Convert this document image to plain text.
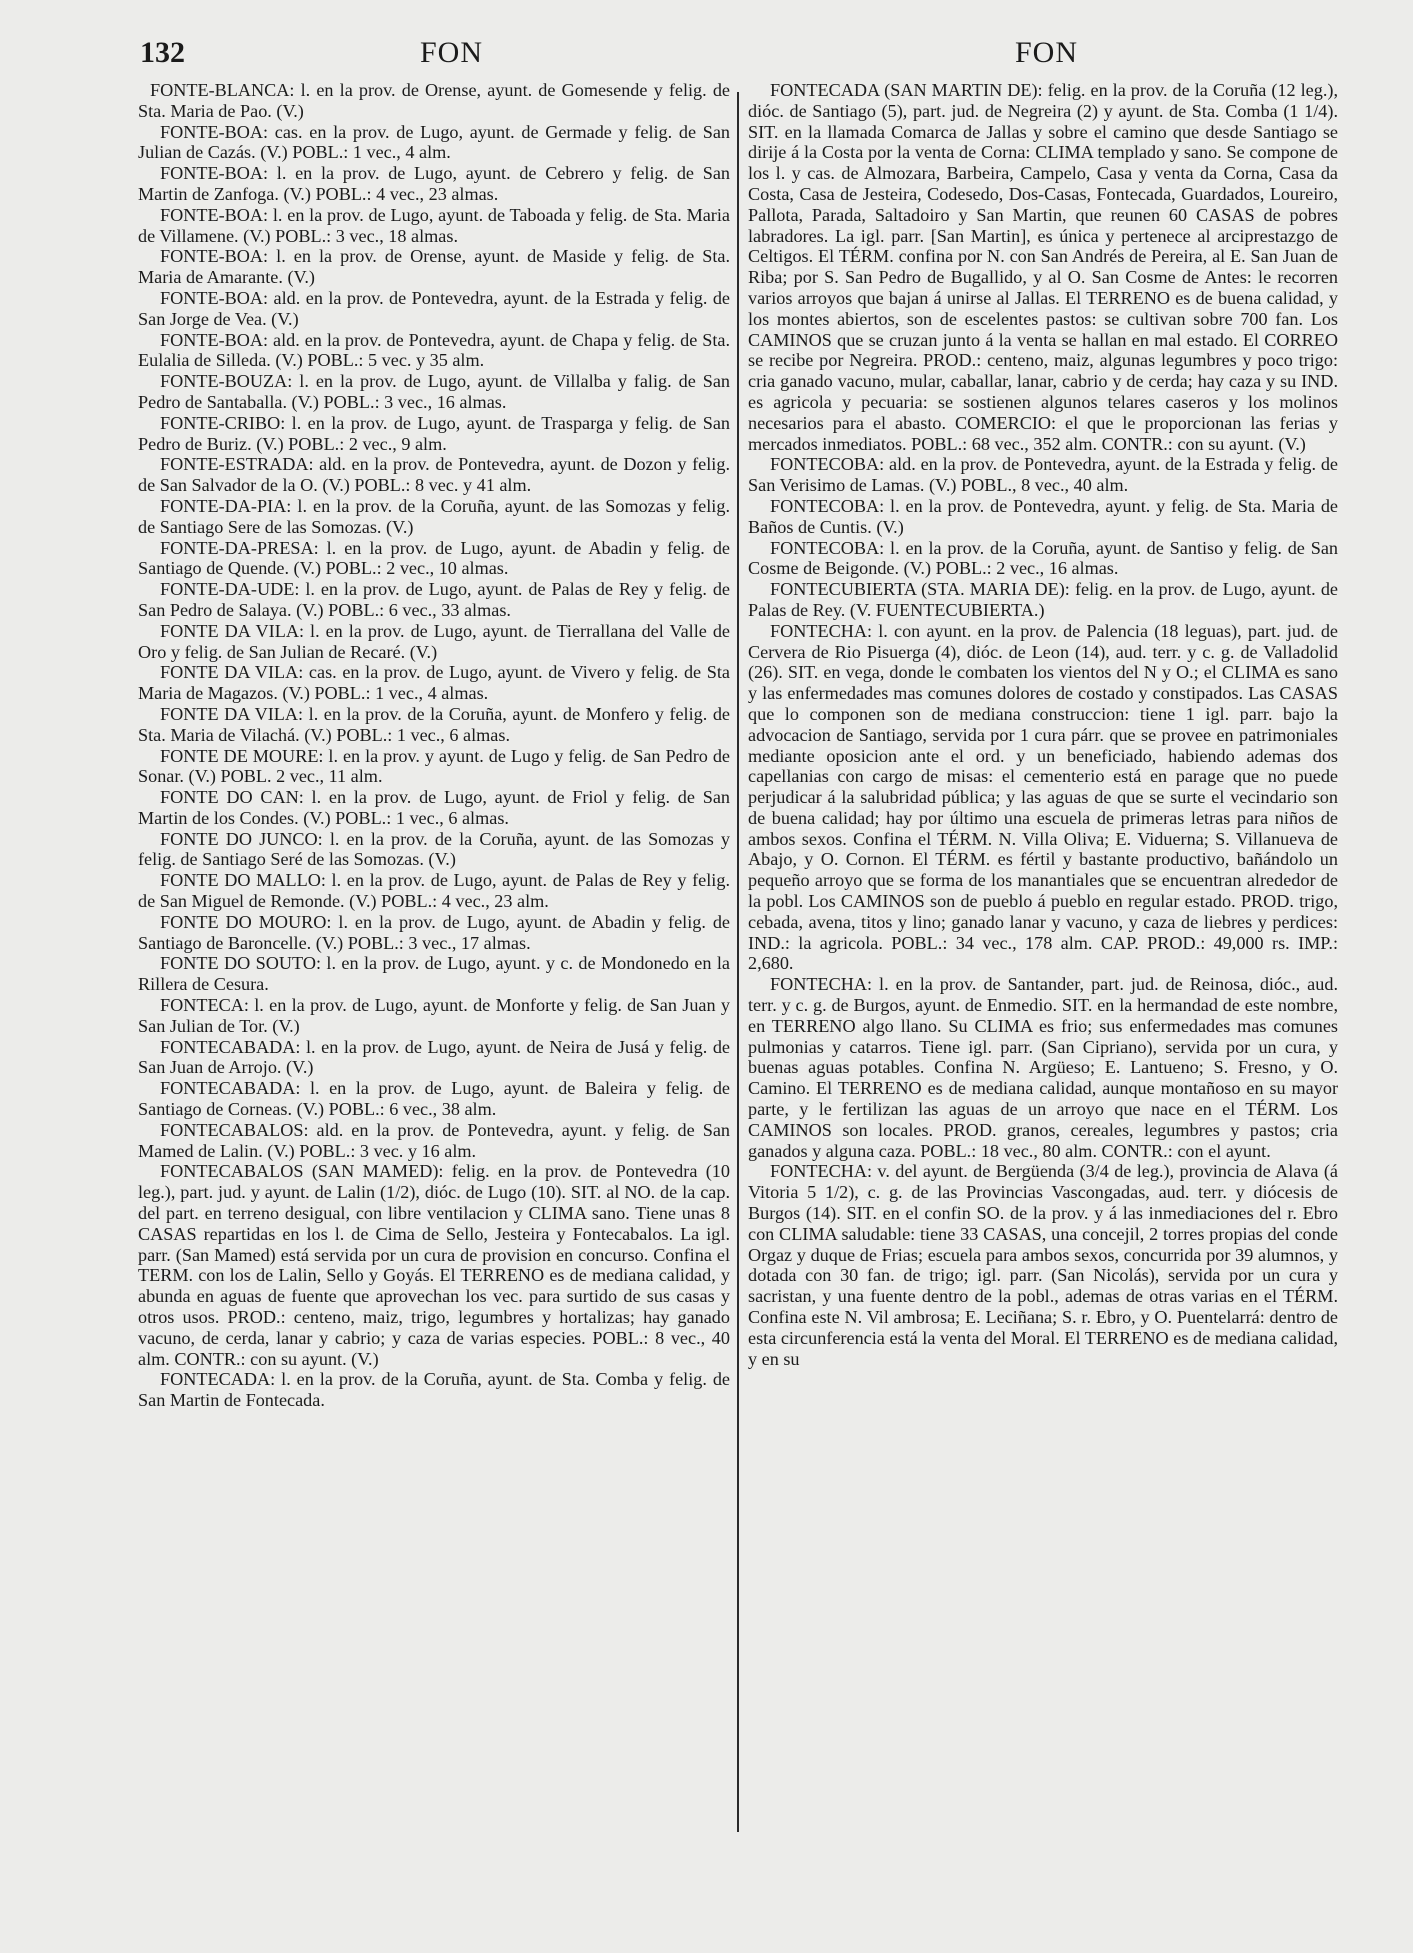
132	FON	FON

FONTE-BLANCA: l. en la prov. de Orense, ayunt. de Gomesende y felig. de Sta. Maria de Pao. (V.)

FONTE-BOA: cas. en la prov. de Lugo, ayunt. de Germade y felig. de San Julian de Cazás. (V.) POBL.: 1 vec., 4 alm.

FONTE-BOA: l. en la prov. de Lugo, ayunt. de Cebrero y felig. de San Martin de Zanfoga. (V.) POBL.: 4 vec., 23 almas.

FONTE-BOA: l. en la prov. de Lugo, ayunt. de Taboada y felig. de Sta. Maria de Villamene. (V.) POBL.: 3 vec., 18 almas.

FONTE-BOA: l. en la prov. de Orense, ayunt. de Maside y felig. de Sta. Maria de Amarante. (V.)

FONTE-BOA: ald. en la prov. de Pontevedra, ayunt. de la Estrada y felig. de San Jorge de Vea. (V.)

FONTE-BOA: ald. en la prov. de Pontevedra, ayunt. de Chapa y felig. de Sta. Eulalia de Silleda. (V.) POBL.: 5 vec. y 35 alm.

FONTE-BOUZA: l. en la prov. de Lugo, ayunt. de Villalba y falig. de San Pedro de Santaballa. (V.) POBL.: 3 vec., 16 almas.

FONTE-CRIBO: l. en la prov. de Lugo, ayunt. de Trasparga y felig. de San Pedro de Buriz. (V.) POBL.: 2 vec., 9 alm.

FONTE-ESTRADA: ald. en la prov. de Pontevedra, ayunt. de Dozon y felig. de San Salvador de la O. (V.) POBL.: 8 vec. y 41 alm.

FONTE-DA-PIA: l. en la prov. de la Coruña, ayunt. de las Somozas y felig. de Santiago Sere de las Somozas. (V.)

FONTE-DA-PRESA: l. en la prov. de Lugo, ayunt. de Abadin y felig. de Santiago de Quende. (V.) POBL.: 2 vec., 10 almas.

FONTE-DA-UDE: l. en la prov. de Lugo, ayunt. de Palas de Rey y felig. de San Pedro de Salaya. (V.) POBL.: 6 vec., 33 almas.

FONTE DA VILA: l. en la prov. de Lugo, ayunt. de Tierrallana del Valle de Oro y felig. de San Julian de Recaré. (V.)

FONTE DA VILA: cas. en la prov. de Lugo, ayunt. de Vivero y felig. de Sta Maria de Magazos. (V.) POBL.: 1 vec., 4 almas.

FONTE DA VILA: l. en la prov. de la Coruña, ayunt. de Monfero y felig. de Sta. Maria de Vilachá. (V.) POBL.: 1 vec., 6 almas.

FONTE DE MOURE: l. en la prov. y ayunt. de Lugo y felig. de San Pedro de Sonar. (V.) POBL. 2 vec., 11 alm.

FONTE DO CAN: l. en la prov. de Lugo, ayunt. de Friol y felig. de San Martin de los Condes. (V.) POBL.: 1 vec., 6 almas.

FONTE DO JUNCO: l. en la prov. de la Coruña, ayunt. de las Somozas y felig. de Santiago Seré de las Somozas. (V.)

FONTE DO MALLO: l. en la prov. de Lugo, ayunt. de Palas de Rey y felig. de San Miguel de Remonde. (V.) POBL.: 4 vec., 23 alm.

FONTE DO MOURO: l. en la prov. de Lugo, ayunt. de Abadin y felig. de Santiago de Baroncelle. (V.) POBL.: 3 vec., 17 almas.

FONTE DO SOUTO: l. en la prov. de Lugo, ayunt. y c. de Mondonedo en la Rillera de Cesura.

FONTECA: l. en la prov. de Lugo, ayunt. de Monforte y felig. de San Juan y San Julian de Tor. (V.)

FONTECABADA: l. en la prov. de Lugo, ayunt. de Neira de Jusá y felig. de San Juan de Arrojo. (V.)

FONTECABADA: l. en la prov. de Lugo, ayunt. de Baleira y felig. de Santiago de Corneas. (V.) POBL.: 6 vec., 38 alm.

FONTECABALOS: ald. en la prov. de Pontevedra, ayunt. y felig. de San Mamed de Lalin. (V.) POBL.: 3 vec. y 16 alm.

FONTECABALOS (SAN MAMED): felig. en la prov. de Pontevedra (10 leg.), part. jud. y ayunt. de Lalin (1/2), dióc. de Lugo (10). SIT. al NO. de la cap. del part. en terreno desigual, con libre ventilacion y CLIMA sano. Tiene unas 8 CASAS repartidas en los l. de Cima de Sello, Jesteira y Fontecabalos. La igl. parr. (San Mamed) está servida por un cura de provision en concurso. Confina el TERM. con los de Lalin, Sello y Goyás. El TERRENO es de mediana calidad, y abunda en aguas de fuente que aprovechan los vec. para surtido de sus casas y otros usos. PROD.: centeno, maiz, trigo, legumbres y hortalizas; hay ganado vacuno, de cerda, lanar y cabrio; y caza de varias especies. POBL.: 8 vec., 40 alm. CONTR.: con su ayunt. (V.)

FONTECADA: l. en la prov. de la Coruña, ayunt. de Sta. Comba y felig. de San Martin de Fontecada.

FONTECADA (SAN MARTIN DE): felig. en la prov. de la Coruña (12 leg.), dióc. de Santiago (5), part. jud. de Negreira (2) y ayunt. de Sta. Comba (1 1/4). SIT. en la llamada Comarca de Jallas y sobre el camino que desde Santiago se dirije á la Costa por la venta de Corna: CLIMA templado y sano. Se compone de los l. y cas. de Almozara, Barbeira, Campelo, Casa y venta da Corna, Casa da Costa, Casa de Jesteira, Codesedo, Dos-Casas, Fontecada, Guardados, Loureiro, Pallota, Parada, Saltadoiro y San Martin, que reunen 60 CASAS de pobres labradores. La igl. parr. [San Martin], es única y pertenece al arciprestazgo de Celtigos. El TÉRM. confina por N. con San Andrés de Pereira, al E. San Juan de Riba; por S. San Pedro de Bugallido, y al O. San Cosme de Antes: le recorren varios arroyos que bajan á unirse al Jallas. El TERRENO es de buena calidad, y los montes abiertos, son de escelentes pastos: se cultivan sobre 700 fan. Los CAMINOS que se cruzan junto á la venta se hallan en mal estado. El CORREO se recibe por Negreira. PROD.: centeno, maiz, algunas legumbres y poco trigo: cria ganado vacuno, mular, caballar, lanar, cabrio y de cerda; hay caza y su IND. es agricola y pecuaria: se sostienen algunos telares caseros y los molinos necesarios para el abasto. COMERCIO: el que le proporcionan las ferias y mercados inmediatos. POBL.: 68 vec., 352 alm. CONTR.: con su ayunt. (V.)

FONTECOBA: ald. en la prov. de Pontevedra, ayunt. de la Estrada y felig. de San Verisimo de Lamas. (V.) POBL., 8 vec., 40 alm.

FONTECOBA: l. en la prov. de Pontevedra, ayunt. y felig. de Sta. Maria de Baños de Cuntis. (V.)

FONTECOBA: l. en la prov. de la Coruña, ayunt. de Santiso y felig. de San Cosme de Beigonde. (V.) POBL.: 2 vec., 16 almas.

FONTECUBIERTA (STA. MARIA DE): felig. en la prov. de Lugo, ayunt. de Palas de Rey. (V. FUENTECUBIERTA.)

FONTECHA: l. con ayunt. en la prov. de Palencia (18 leguas), part. jud. de Cervera de Rio Pisuerga (4), dióc. de Leon (14), aud. terr. y c. g. de Valladolid (26). SIT. en vega, donde le combaten los vientos del N y O.; el CLIMA es sano y las enfermedades mas comunes dolores de costado y constipados. Las CASAS que lo componen son de mediana construccion: tiene 1 igl. parr. bajo la advocacion de Santiago, servida por 1 cura párr. que se provee en patrimoniales mediante oposicion ante el ord. y un beneficiado, habiendo ademas dos capellanias con cargo de misas: el cementerio está en parage que no puede perjudicar á la salubridad pública; y las aguas de que se surte el vecindario son de buena calidad; hay por último una escuela de primeras letras para niños de ambos sexos. Confina el TÉRM. N. Villa Oliva; E. Viduerna; S. Villanueva de Abajo, y O. Cornon. El TÉRM. es fértil y bastante productivo, bañándolo un pequeño arroyo que se forma de los manantiales que se encuentran alrededor de la pobl. Los CAMINOS son de pueblo á pueblo en regular estado. PROD. trigo, cebada, avena, titos y lino; ganado lanar y vacuno, y caza de liebres y perdices: IND.: la agricola. POBL.: 34 vec., 178 alm. CAP. PROD.: 49,000 rs. IMP.: 2,680.

FONTECHA: l. en la prov. de Santander, part. jud. de Reinosa, dióc., aud. terr. y c. g. de Burgos, ayunt. de Enmedio. SIT. en la hermandad de este nombre, en TERRENO algo llano. Su CLIMA es frio; sus enfermedades mas comunes pulmonias y catarros. Tiene igl. parr. (San Cipriano), servida por un cura, y buenas aguas potables. Confina N. Argüeso; E. Lantueno; S. Fresno, y O. Camino. El TERRENO es de mediana calidad, aunque montañoso en su mayor parte, y le fertilizan las aguas de un arroyo que nace en el TÉRM. Los CAMINOS son locales. PROD. granos, cereales, legumbres y pastos; cria ganados y alguna caza. POBL.: 18 vec., 80 alm. CONTR.: con el ayunt.

FONTECHA: v. del ayunt. de Bergüenda (3/4 de leg.), provincia de Alava (á Vitoria 5 1/2), c. g. de las Provincias Vascongadas, aud. terr. y diócesis de Burgos (14). SIT. en el confin SO. de la prov. y á las inmediaciones del r. Ebro con CLIMA saludable: tiene 33 CASAS, una concejil, 2 torres propias del conde Orgaz y duque de Frias; escuela para ambos sexos, concurrida por 39 alumnos, y dotada con 30 fan. de trigo; igl. parr. (San Nicolás), servida por un cura y sacristan, y una fuente dentro de la pobl., ademas de otras varias en el TÉRM. Confina este N. Vil ambrosa; E. Leciñana; S. r. Ebro, y O. Puentelarrá: dentro de esta circunferencia está la venta del Moral. El TERRENO es de mediana calidad, y en su
